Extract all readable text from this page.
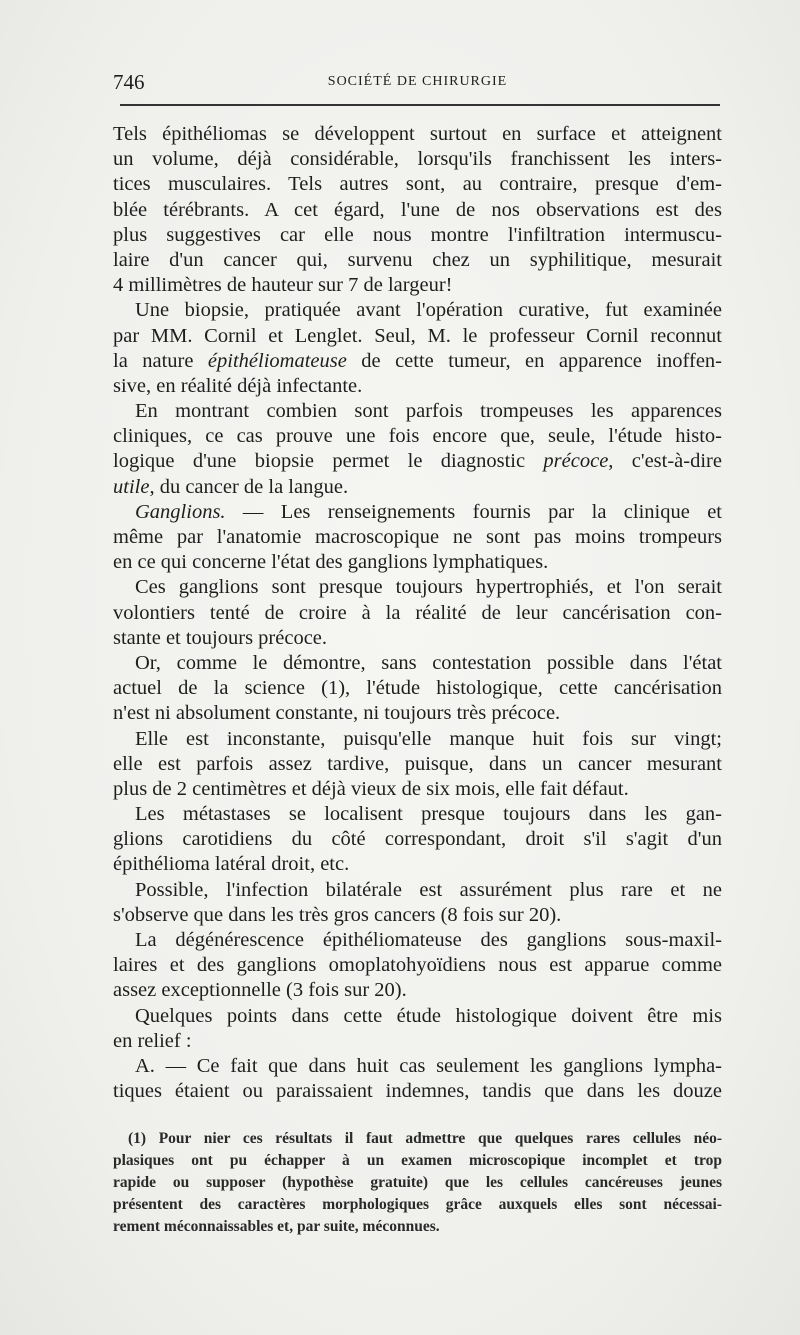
746	SOCIÉTÉ DE CHIRURGIE
Tels épithéliomas se développent surtout en surface et atteignent
un volume, déjà considérable, lorsqu'ils franchissent les inters-
tices musculaires. Tels autres sont, au contraire, presque d'em-
blée térébrants. A cet égard, l'une de nos observations est des
plus suggestives car elle nous montre l'infiltration intermuscu-
laire d'un cancer qui, survenu chez un syphilitique, mesurait
4 millimètres de hauteur sur 7 de largeur!
Une biopsie, pratiquée avant l'opération curative, fut examinée
par MM. Cornil et Lenglet. Seul, M. le professeur Cornil reconnut
la nature épithéliomateuse de cette tumeur, en apparence inoffen-
sive, en réalité déjà infectante.
En montrant combien sont parfois trompeuses les apparences
cliniques, ce cas prouve une fois encore que, seule, l'étude histo-
logique d'une biopsie permet le diagnostic précoce, c'est-à-dire
utile, du cancer de la langue.
Ganglions. — Les renseignements fournis par la clinique et
même par l'anatomie macroscopique ne sont pas moins trompeurs
en ce qui concerne l'état des ganglions lymphatiques.
Ces ganglions sont presque toujours hypertrophiés, et l'on serait
volontiers tenté de croire à la réalité de leur cancérisation con-
stante et toujours précoce.
Or, comme le démontre, sans contestation possible dans l'état
actuel de la science (1), l'étude histologique, cette cancérisation
n'est ni absolument constante, ni toujours très précoce.
Elle est inconstante, puisqu'elle manque huit fois sur vingt;
elle est parfois assez tardive, puisque, dans un cancer mesurant
plus de 2 centimètres et déjà vieux de six mois, elle fait défaut.
Les métastases se localisent presque toujours dans les gan-
glions carotidiens du côté correspondant, droit s'il s'agit d'un
épithélioma latéral droit, etc.
Possible, l'infection bilatérale est assurément plus rare et ne
s'observe que dans les très gros cancers (8 fois sur 20).
La dégénérescence épithéliomateuse des ganglions sous-maxil-
laires et des ganglions omoplatohyoïdiens nous est apparue comme
assez exceptionnelle (3 fois sur 20).
Quelques points dans cette étude histologique doivent être mis
en relief :
A. — Ce fait que dans huit cas seulement les ganglions lympha-
tiques étaient ou paraissaient indemnes, tandis que dans les douze
(1) Pour nier ces résultats il faut admettre que quelques rares cellules néo-
plasiques ont pu échapper à un examen microscopique incomplet et trop
rapide ou supposer (hypothèse gratuite) que les cellules cancéreuses jeunes
présentent des caractères morphologiques grâce auxquels elles sont nécessai-
rement méconnaissables et, par suite, méconnues.
